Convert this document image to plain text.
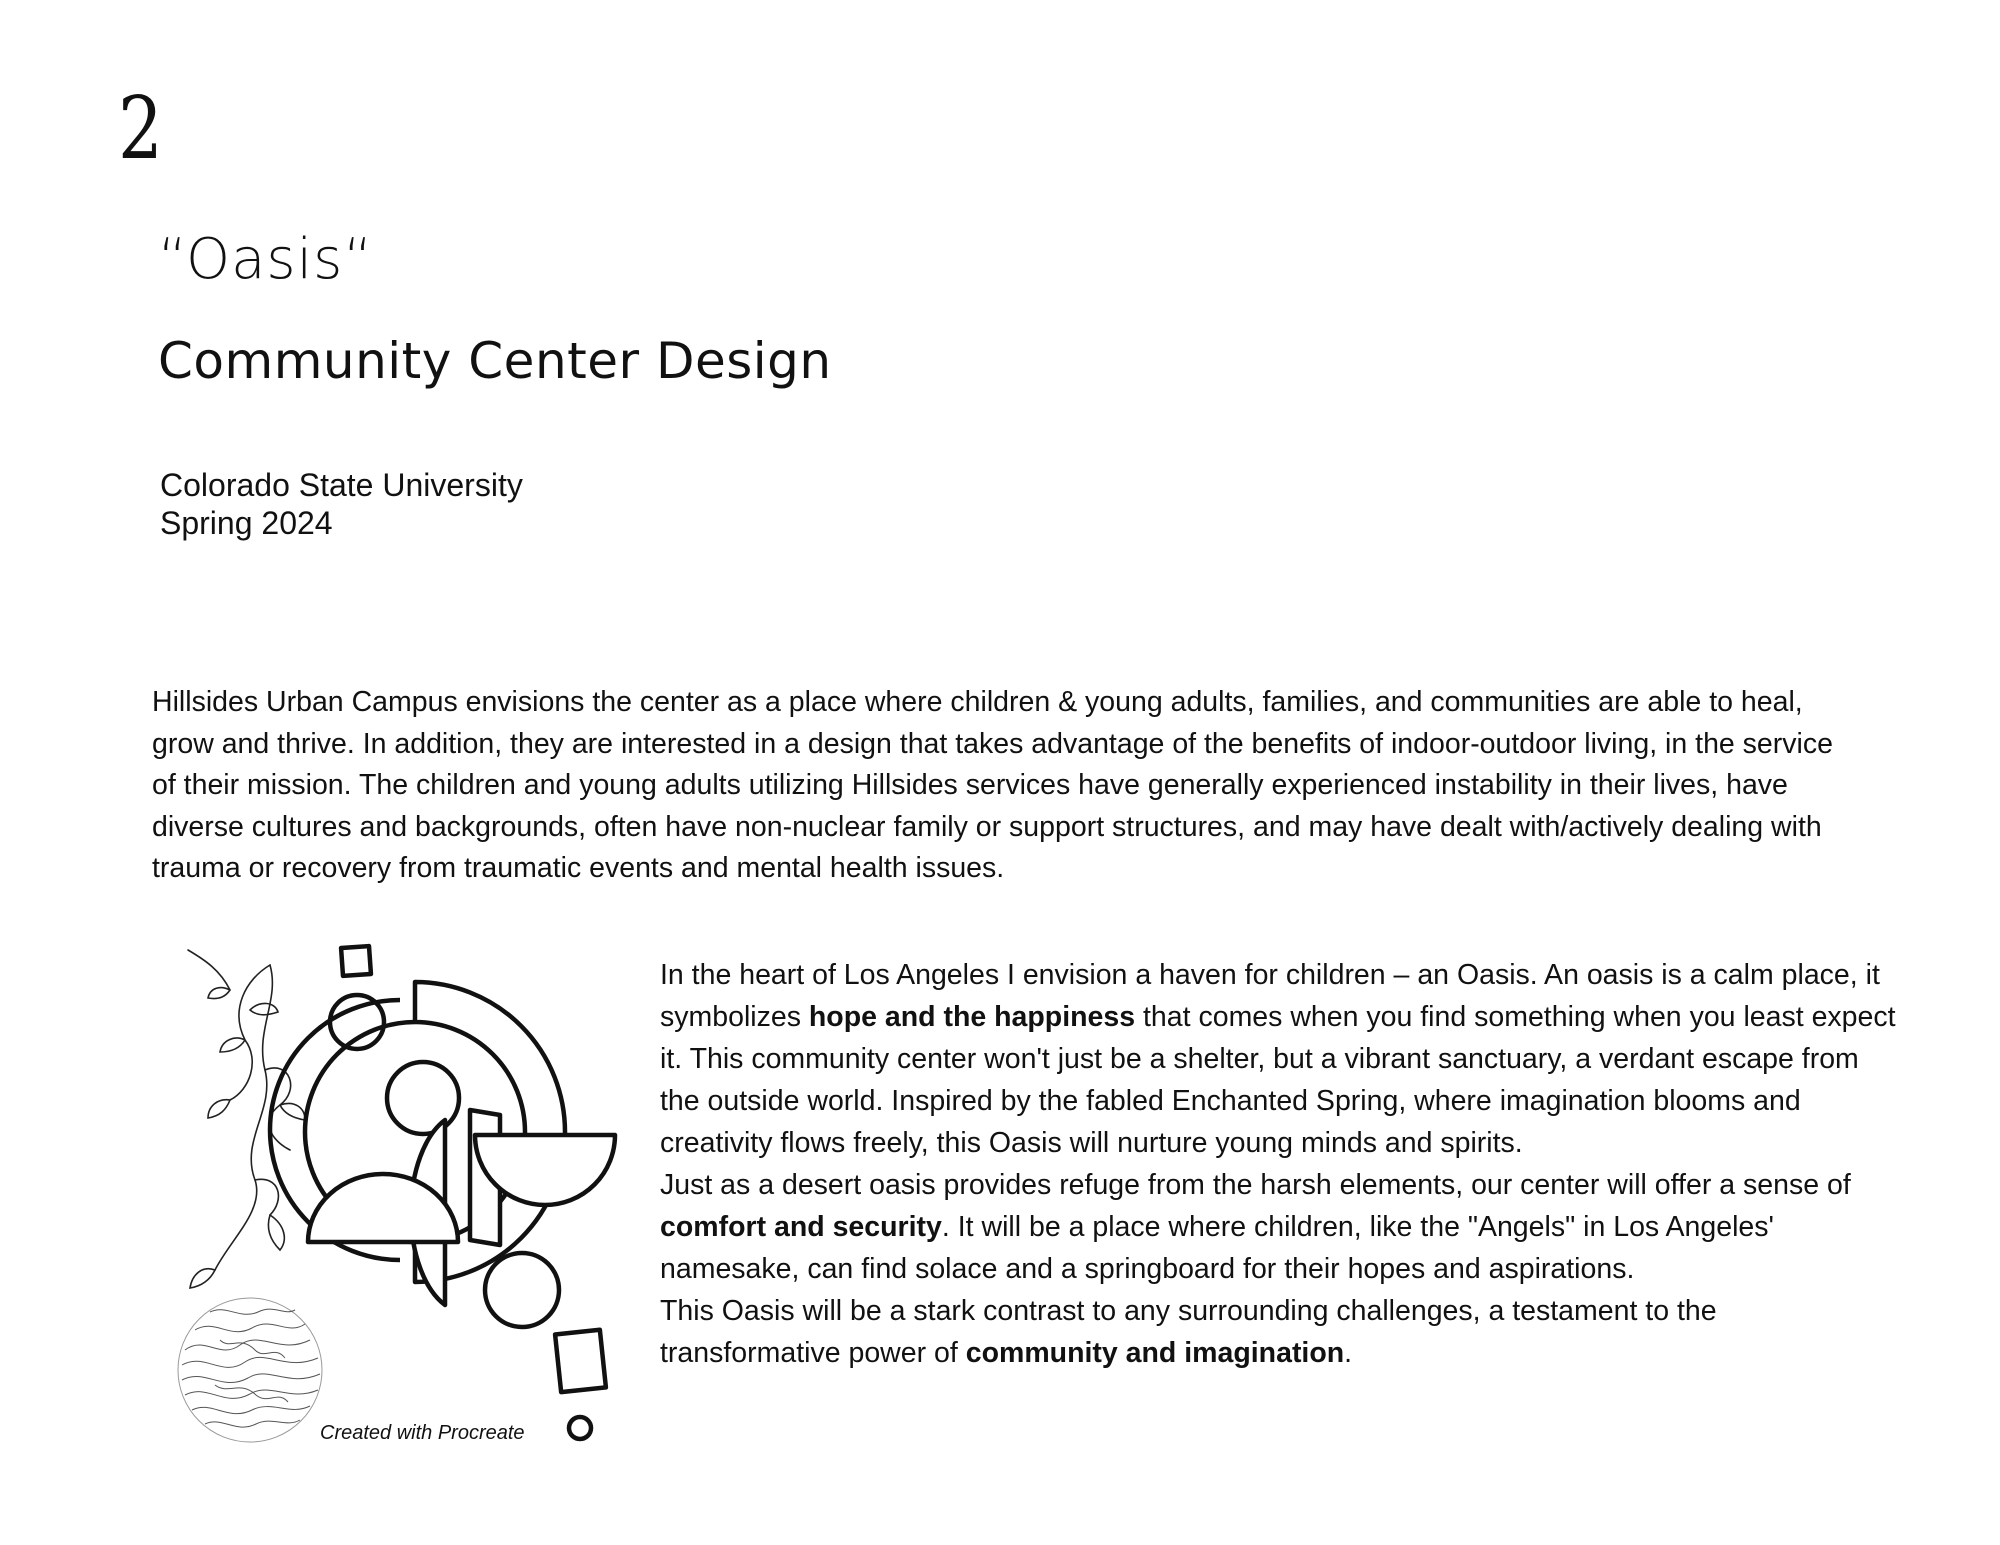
2
“Oasis“
Community Center Design
Colorado State University
Spring 2024

Hillsides Urban Campus envisions the center as a place where children & young adults, families, and communities are able to heal, grow and thrive. In addition, they are interested in a design that takes advantage of the benefits of indoor-outdoor living, in the service of their mission. The children and young adults utilizing Hillsides services have generally experienced instability in their lives, have diverse cultures and backgrounds, often have non-nuclear family or support structures, and may have dealt with/actively dealing with trauma or recovery from traumatic events and mental health issues.

Created with Procreate

In the heart of Los Angeles I envision a haven for children – an Oasis. An oasis is a calm place, it symbolizes hope and the happiness that comes when you find something when you least expect it. This community center won't just be a shelter, but a vibrant sanctuary, a verdant escape from the outside world. Inspired by the fabled Enchanted Spring, where imagination blooms and creativity flows freely, this Oasis will nurture young minds and spirits.

Just as a desert oasis provides refuge from the harsh elements, our center will offer a sense of comfort and security. It will be a place where children, like the "Angels" in Los Angeles' namesake, can find solace and a springboard for their hopes and aspirations.

This Oasis will be a stark contrast to any surrounding challenges, a testament to the transformative power of community and imagination.
